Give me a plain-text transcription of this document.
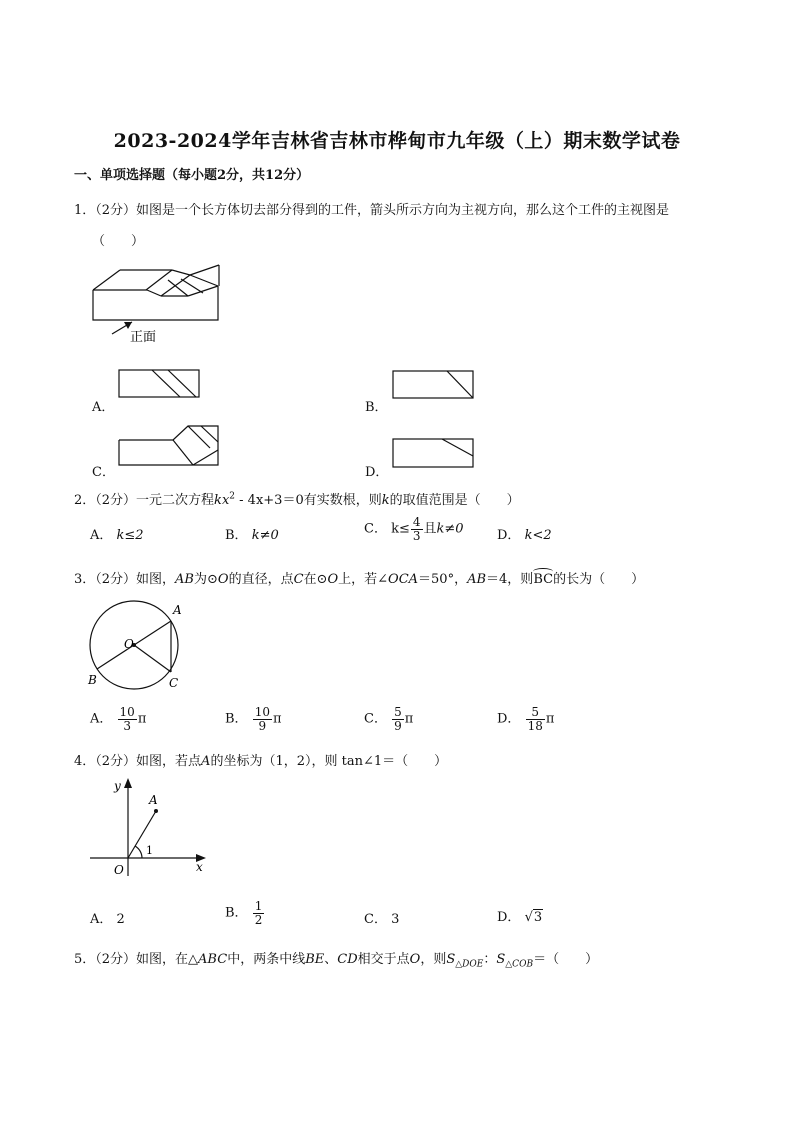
2023-2024学年吉林省吉林市桦甸市九年级（上）期末数学试卷
一、单项选择题（每小题2分，共12分）
1．（2分）如图是一个长方体切去部分得到的工件，箭头所示方向为主视方向，那么这个工件的主视图是
（　　）
正面
A．	B．
C．	D．
2．（2分）一元二次方程$kx^2 - 4x+3=0$有实数根，则k的取值范围是（　　）
A． k≤2	B． k≠0	C． $k\le \frac{4}{3}$ 且k≠0	D． k<2
3．（2分）如图，AB为⊙O的直径，点C在⊙O上，若∠OCA＝50°，AB＝4，则
BC的长为（　　）
A
O
B	C
A． $\frac{10}{3}$ π	B． $\frac{10}{9}$ π	C． $\frac{5}{9}$ π	D． $\frac{5}{18}$ π
4．（2分）如图，若点A的坐标为（1，2），则 tan∠1＝（　　）
y
A
1
O	x
A． 2	B． $\frac{1}{2}$	C． 3	D． √3
5．（2分）如图，在△ABC中，两条中线BE、CD相交于点O，则$S_{\triangle DOE}$：$S_{\triangle COB}=$（　　）
